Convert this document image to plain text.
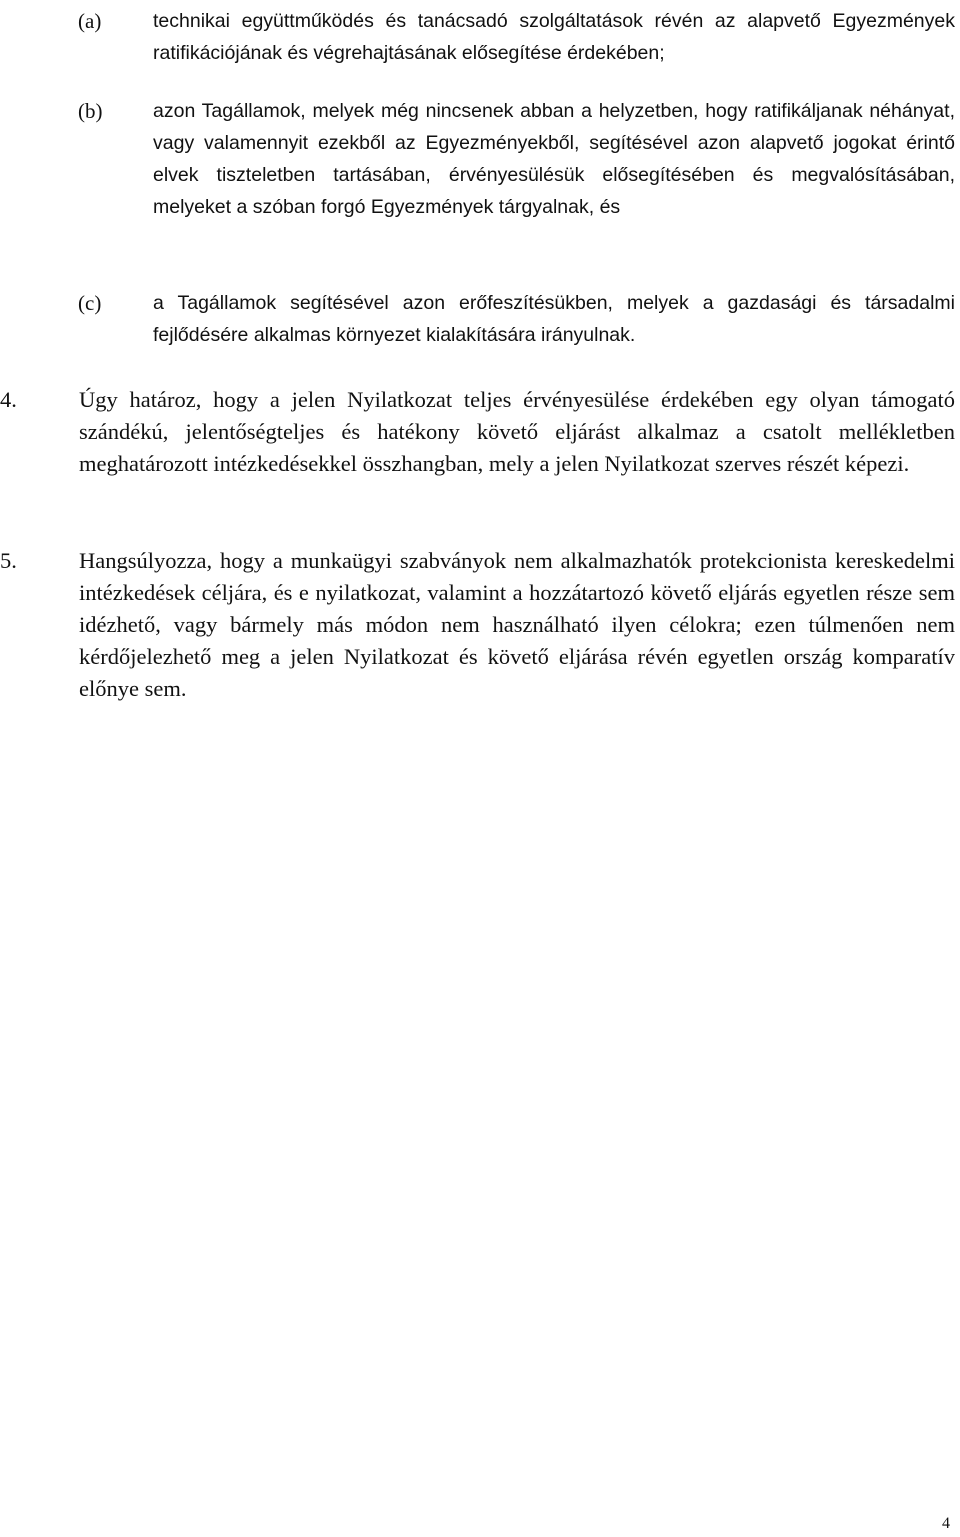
(a)	technikai együttműködés és tanácsadó szolgáltatások révén az alapvető Egyezmények ratifikációjának és végrehajtásának elősegítése érdekében;
(b)	azon Tagállamok, melyek még nincsenek abban a helyzetben, hogy ratifikáljanak néhányat, vagy valamennyit ezekből az Egyezményekből, segítésével azon alapvető jogokat érintő elvek tiszteletben tartásában, érvényesülésük elősegítésében és megvalósításában, melyeket a szóban forgó Egyezmények tárgyalnak, és
(c)	a Tagállamok segítésével azon erőfeszítésükben, melyek a gazdasági és társadalmi fejlődésére alkalmas környezet kialakítására irányulnak.
4.	Úgy határoz, hogy a jelen Nyilatkozat teljes érvényesülése érdekében egy olyan támogató szándékú, jelentőségteljes és hatékony követő eljárást alkalmaz a csatolt mellékletben meghatározott intézkedésekkel összhangban, mely a jelen Nyilatkozat szerves részét képezi.
5.	Hangsúlyozza, hogy a munkaügyi szabványok nem alkalmazhatók protekcionista kereskedelmi intézkedések céljára, és e nyilatkozat, valamint a hozzátartozó követő eljárás egyetlen része sem idézhető, vagy bármely más módon nem használható ilyen célokra; ezen túlmenően nem kérdőjelezhető meg a jelen Nyilatkozat és követő eljárása révén egyetlen ország komparatív előnye sem.
4
